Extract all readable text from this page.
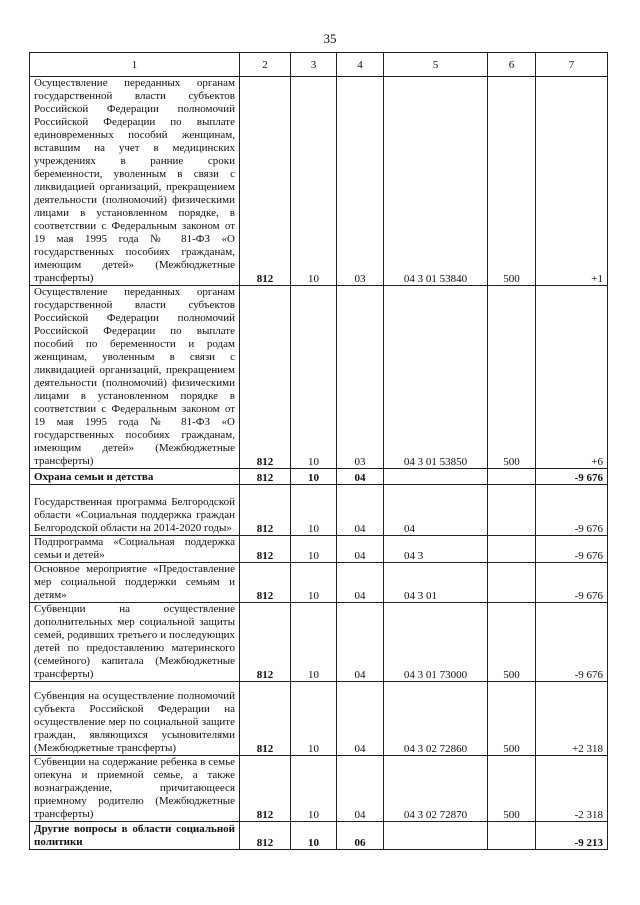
35
1	2	3	4	5	6	7
Осуществление переданных органам государственной власти субъектов Российской Федерации полномочий Российской Федерации по выплате единовременных пособий женщинам, вставшим на учет в медицинских учреждениях в ранние сроки беременности, уволенным в связи с ликвидацией организаций, прекращением деятельности (полномочий) физическими лицами в установленном порядке, в соответствии с Федеральным законом от 19 мая 1995 года № 81-ФЗ «О государственных пособиях гражданам, имеющим детей» (Межбюджетные трансферты)	812	10	03	04 3 01 53840	500	+1
Осуществление переданных органам государственной власти субъектов Российской Федерации полномочий Российской Федерации по выплате пособий по беременности и родам женщинам, уволенным в связи с ликвидацией организаций, прекращением деятельности (полномочий) физическими лицами в установленном порядке в соответствии с Федеральным законом от 19 мая 1995 года № 81-ФЗ «О государственных пособиях гражданам, имеющим детей» (Межбюджетные трансферты)	812	10	03	04 3 01 53850	500	+6
Охрана семьи и детства	812	10	04			-9 676
Государственная программа Белгородской области «Социальная поддержка граждан Белгородской области на 2014-2020 годы»	812	10	04	04		-9 676
Подпрограмма «Социальная поддержка семьи и детей»	812	10	04	04 3		-9 676
Основное мероприятие «Предоставление мер социальной поддержки семьям и детям»	812	10	04	04 3 01		-9 676
Субвенции на осуществление дополнительных мер социальной защиты семей, родивших третьего и последующих детей по предоставлению материнского (семейного) капитала (Межбюджетные трансферты)	812	10	04	04 3 01 73000	500	-9 676
Субвенция на осуществление полномочий субъекта Российской Федерации на осуществление мер по социальной защите граждан, являющихся усыновителями (Межбюджетные трансферты)	812	10	04	04 3 02 72860	500	+2 318
Субвенции на содержание ребенка в семье опекуна и приемной семье, а также вознаграждение, причитающееся приемному родителю (Межбюджетные трансферты)	812	10	04	04 3 02 72870	500	-2 318
Другие вопросы в области социальной политики	812	10	06			-9 213
